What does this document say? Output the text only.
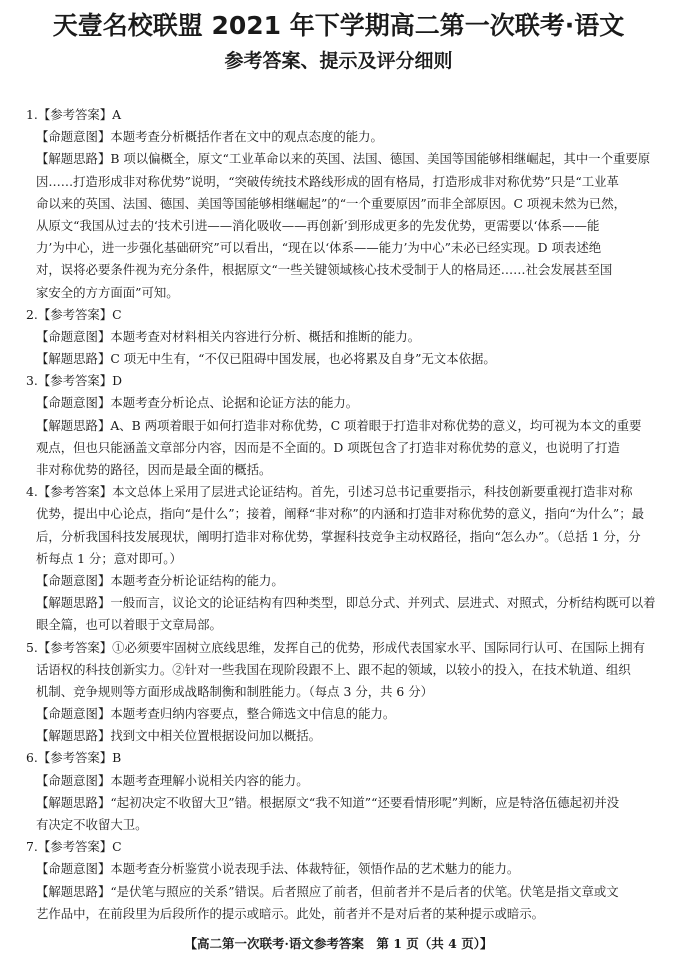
天壹名校联盟 2021 年下学期高二第一次联考·语文
参考答案、提示及评分细则
1.【参考答案】A
【命题意图】本题考查分析概括作者在文中的观点态度的能力。
【解题思路】B 项以偏概全，原文“工业革命以来的英国、法国、德国、美国等国能够相继崛起，其中一个重要原
因……打造形成非对称优势”说明，“突破传统技术路线形成的固有格局，打造形成非对称优势”只是“工业革
命以来的英国、法国、德国、美国等国能够相继崛起”的“一个重要原因”而非全部原因。C 项视未然为已然，
从原文“我国从过去的‘技术引进——消化吸收——再创新’到形成更多的先发优势，更需要以‘体系——能
力’为中心，进一步强化基础研究”可以看出，“现在以‘体系——能力’为中心”未必已经实现。D 项表述绝
对，误将必要条件视为充分条件，根据原文“一些关键领域核心技术受制于人的格局还……社会发展甚至国
家安全的方方面面”可知。
2.【参考答案】C
【命题意图】本题考查对材料相关内容进行分析、概括和推断的能力。
【解题思路】C 项无中生有，“不仅已阻碍中国发展，也必将累及自身”无文本依据。
3.【参考答案】D
【命题意图】本题考查分析论点、论据和论证方法的能力。
【解题思路】A、B 两项着眼于如何打造非对称优势，C 项着眼于打造非对称优势的意义，均可视为本文的重要
观点，但也只能涵盖文章部分内容，因而是不全面的。D 项既包含了打造非对称优势的意义，也说明了打造
非对称优势的路径，因而是最全面的概括。
4.【参考答案】本文总体上采用了层进式论证结构。首先，引述习总书记重要指示，科技创新要重视打造非对称
优势，提出中心论点，指向“是什么”；接着，阐释“非对称”的内涵和打造非对称优势的意义，指向“为什么”；最
后，分析我国科技发展现状，阐明打造非对称优势，掌握科技竞争主动权路径，指向“怎么办”。（总括 1 分，分
析每点 1 分；意对即可。）
【命题意图】本题考查分析论证结构的能力。
【解题思路】一般而言，议论文的论证结构有四种类型，即总分式、并列式、层进式、对照式，分析结构既可以着
眼全篇，也可以着眼于文章局部。
5.【参考答案】①必须要牢固树立底线思维，发挥自己的优势，形成代表国家水平、国际同行认可、在国际上拥有
话语权的科技创新实力。②针对一些我国在现阶段跟不上、跟不起的领域，以较小的投入，在技术轨道、组织
机制、竞争规则等方面形成战略制衡和制胜能力。（每点 3 分，共 6 分）
【命题意图】本题考查归纳内容要点，整合筛选文中信息的能力。
【解题思路】找到文中相关位置根据设问加以概括。
6.【参考答案】B
【命题意图】本题考查理解小说相关内容的能力。
【解题思路】“起初决定不收留大卫”错。根据原文“我不知道”“还要看情形呢”判断，应是特洛伍德起初并没
有决定不收留大卫。
7.【参考答案】C
【命题意图】本题考查分析鉴赏小说表现手法、体裁特征，领悟作品的艺术魅力的能力。
【解题思路】“是伏笔与照应的关系”错误。后者照应了前者，但前者并不是后者的伏笔。伏笔是指文章或文
艺作品中，在前段里为后段所作的提示或暗示。此处，前者并不是对后者的某种提示或暗示。
【高二第一次联考·语文参考答案　第 1 页（共 4 页）】
